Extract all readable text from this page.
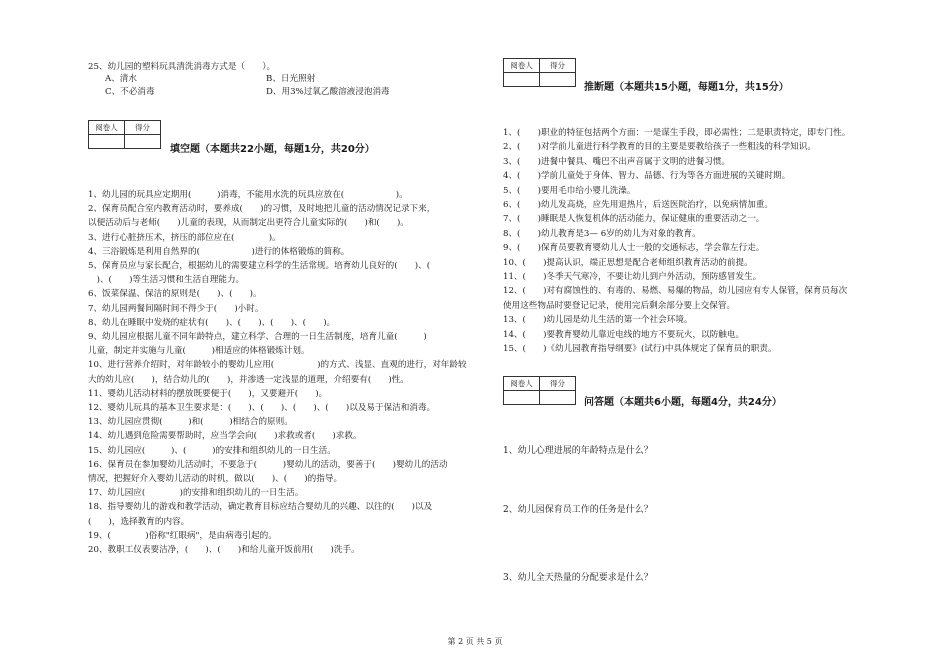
25、幼儿园的塑料玩具清洗消毒方式是（　　）。
A、清水	B、日光照射
C、不必消毒	D、用3%过氧乙酸溶液浸泡消毒
阅卷人	得分
填空题（本题共22小题，每题1分，共20分）
1、幼儿园的玩具应定期用(　　　)消毒，不能用水洗的玩具应放在(　　　　　　)。
2、保育员配合室内教育活动时，要养成(　　)的习惯，及时地把儿童的活动情况记录下来，
以便活动后与老师(　　)儿童的表现，从而制定出更符合儿童实际的(　　)和(　　)。
3、进行心脏挤压术，挤压的部位应在(　　　　)。
4、三浴锻炼是利用自然界的(　　　　　　)进行的体格锻炼的简称。
5、保育员应与家长配合，根据幼儿的需要建立科学的生活常规。培育幼儿良好的(　　)、(
　)、(　　)等生活习惯和生活自理能力。
6、饭菜保温、保洁的原则是(　　)、(　　)。
7、幼儿园两餐间隔时间不得少于(　　)小时。
8、幼儿在睡眠中发烧的症状有(　　)、(　　)、(　　)、(　　)。
9、幼儿园应根据儿童不同年龄特点，建立科学、合理的一日生活制度，培育儿童(　　　)
儿童，制定并实施与儿童(　　　)相适应的体格锻炼计划。
10、进行营养介绍时，对年龄较小的婴幼儿应用(　　　　　)的方式、浅显、直观的进行，对年龄较
大的幼儿应(　　)，结合幼儿的(　　)，并渗透一定浅显的道理，介绍要有(　　)性。
11、婴幼儿活动材料的摆放既要便于(　　)，又要避开(　　)。
12、婴幼儿玩具的基本卫生要求是：(　　)、(　　)、(　　)、(　　)以及易于保洁和消毒。
13、幼儿园应贯彻(　　　)和(　　　)相结合的原则。
14、幼儿遇到危险需要帮助时，应当学会向(　　)求救或者(　　)求救。
15、幼儿园应(　　　)、(　　　)的安排和组织幼儿的一日生活。
16、保育员在参加婴幼儿活动时，不要急于(　　　)婴幼儿的活动，要善于(　　)婴幼儿的活动
情况，把握好介入婴幼儿活动的时机，做以(　　)、(　　)的指导。
17、幼儿园应(　　　　)的安排和组织幼儿的一日生活。
18、指导婴幼儿的游戏和教学活动，确定教育目标应结合婴幼儿的兴趣、以往的(　　)以及
(　　)，选择教育的内容。
19、(　　　　)俗称"红眼病"，是由病毒引起的。
20、教职工仪表要洁净，(　　)、(　　)和给儿童开饭前用(　　)洗手。
阅卷人	得分
推断题（本题共15小题，每题1分，共15分）
1、(　　)职业的特征包括两个方面：一是谋生手段，即必需性；二是职责特定，即专门性。
2、(　　)对学前儿童进行科学教育的目的主要是要教给孩子一些粗浅的科学知识。
3、(　　)进餐中餐具、嘴巴不出声音属于文明的进餐习惯。
4、(　　)学前儿童处于身体、智力、品德、行为等各方面进展的关键时期。
5、(　　)要用毛巾给小婴儿洗澡。
6、(　　)幼儿发高烧，应先用退热片，后送医院治疗，以免病情加重。
7、(　　)睡眠是人恢复机体的活动能力，保证健康的重要活动之一。
8、(　　)幼儿教育是3— 6岁的幼儿为对象的教育。
9、(　　)保育员要教育婴幼儿人士一般的交通标志，学会靠左行走。
10、(　　)提高认识，端正思想是配合老师组织教育活动的前提。
11、(　　)冬季天气寒冷，不要让幼儿到户外活动，预防感冒发生。
12、(　　)对有腐蚀性的、有毒的、易燃、易爆的物品，幼儿园应有专人保管，保育员每次
使用这些物品时要登记记录，使用完后剩余部分要上交保管。
13、(　　)幼儿园是幼儿生活的第一个社会环境。
14、(　　)要教育婴幼儿靠近电线的地方不要玩火，以防触电。
15、(　　)《幼儿园教育指导纲要》(试行)中具体规定了保育员的职责。
阅卷人	得分
问答题（本题共6小题，每题4分，共24分）
1、幼儿心理进展的年龄特点是什么？
2、幼儿园保育员工作的任务是什么？
3、幼儿全天热量的分配要求是什么？
第 2 页 共 5 页
